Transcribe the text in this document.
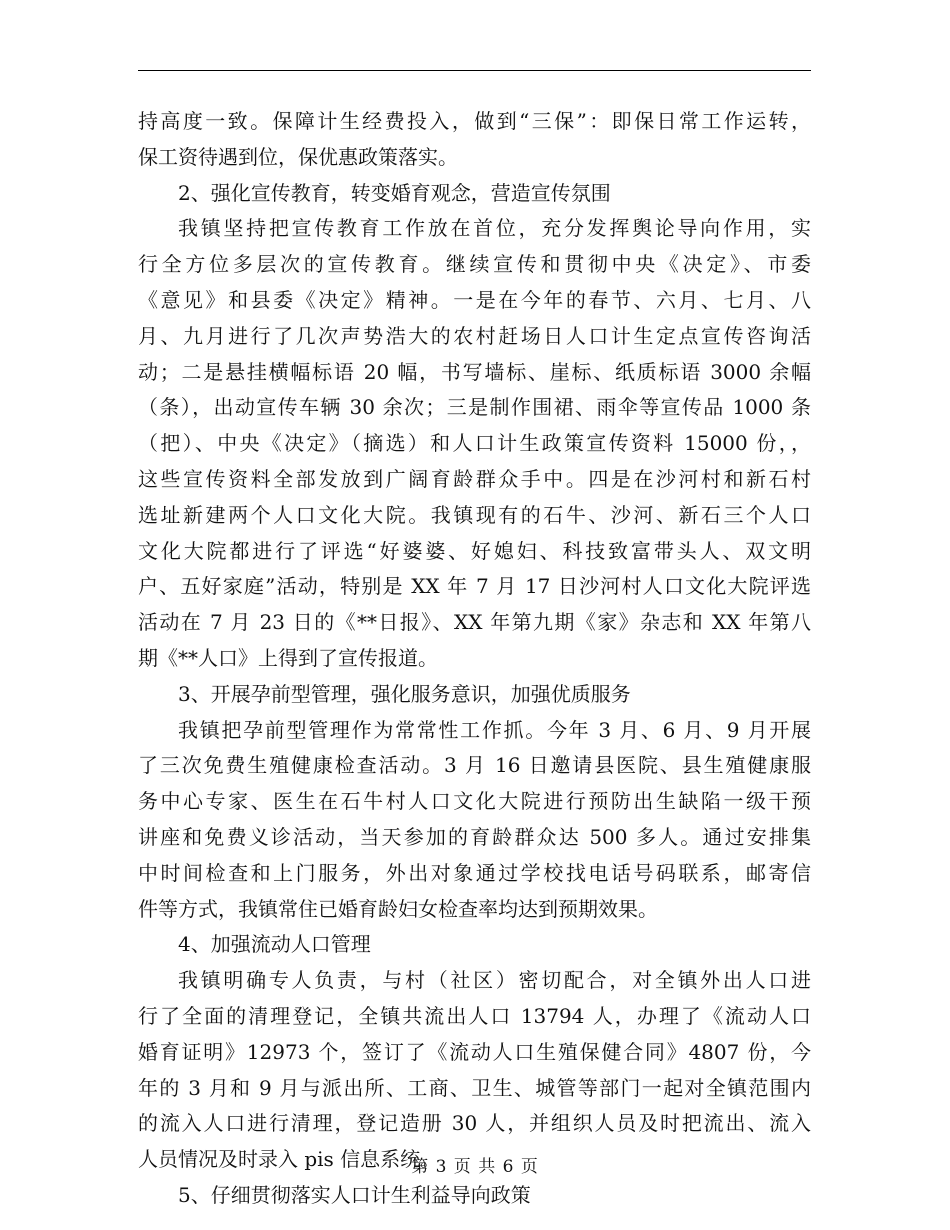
持高度一致。保障计生经费投入，做到“三保”：即保日常工作运转，
保工资待遇到位，保优惠政策落实。
2、强化宣传教育，转变婚育观念，营造宣传氛围
我镇坚持把宣传教育工作放在首位，充分发挥舆论导向作用，实
行全方位多层次的宣传教育。继续宣传和贯彻中央《决定》、市委
《意见》和县委《决定》精神。一是在今年的春节、六月、七月、八
月、九月进行了几次声势浩大的农村赶场日人口计生定点宣传咨询活
动；二是悬挂横幅标语 20 幅，书写墙标、崖标、纸质标语 3000 余幅
（条），出动宣传车辆 30 余次；三是制作围裙、雨伞等宣传品 1000 条
（把）、中央《决定》（摘选）和人口计生政策宣传资料 15000 份，，
这些宣传资料全部发放到广阔育龄群众手中。四是在沙河村和新石村
选址新建两个人口文化大院。我镇现有的石牛、沙河、新石三个人口
文化大院都进行了评选“好婆婆、好媳妇、科技致富带头人、双文明
户、五好家庭”活动，特别是 XX 年 7 月 17 日沙河村人口文化大院评选
活动在 7 月 23 日的《**日报》、XX 年第九期《家》杂志和 XX 年第八
期《**人口》上得到了宣传报道。
3、开展孕前型管理，强化服务意识，加强优质服务
我镇把孕前型管理作为常常性工作抓。今年 3 月、6 月、9 月开展
了三次免费生殖健康检查活动。3 月 16 日邀请县医院、县生殖健康服
务中心专家、医生在石牛村人口文化大院进行预防出生缺陷一级干预
讲座和免费义诊活动，当天参加的育龄群众达 500 多人。通过安排集
中时间检查和上门服务，外出对象通过学校找电话号码联系，邮寄信
件等方式，我镇常住已婚育龄妇女检查率均达到预期效果。
4、加强流动人口管理
我镇明确专人负责，与村（社区）密切配合，对全镇外出人口进
行了全面的清理登记，全镇共流出人口 13794 人，办理了《流动人口
婚育证明》12973 个，签订了《流动人口生殖保健合同》4807 份，今
年的 3 月和 9 月与派出所、工商、卫生、城管等部门一起对全镇范围内
的流入人口进行清理，登记造册 30 人，并组织人员及时把流出、流入
人员情况及时录入 pis 信息系统。
5、仔细贯彻落实人口计生利益导向政策
第 3 页 共 6 页
